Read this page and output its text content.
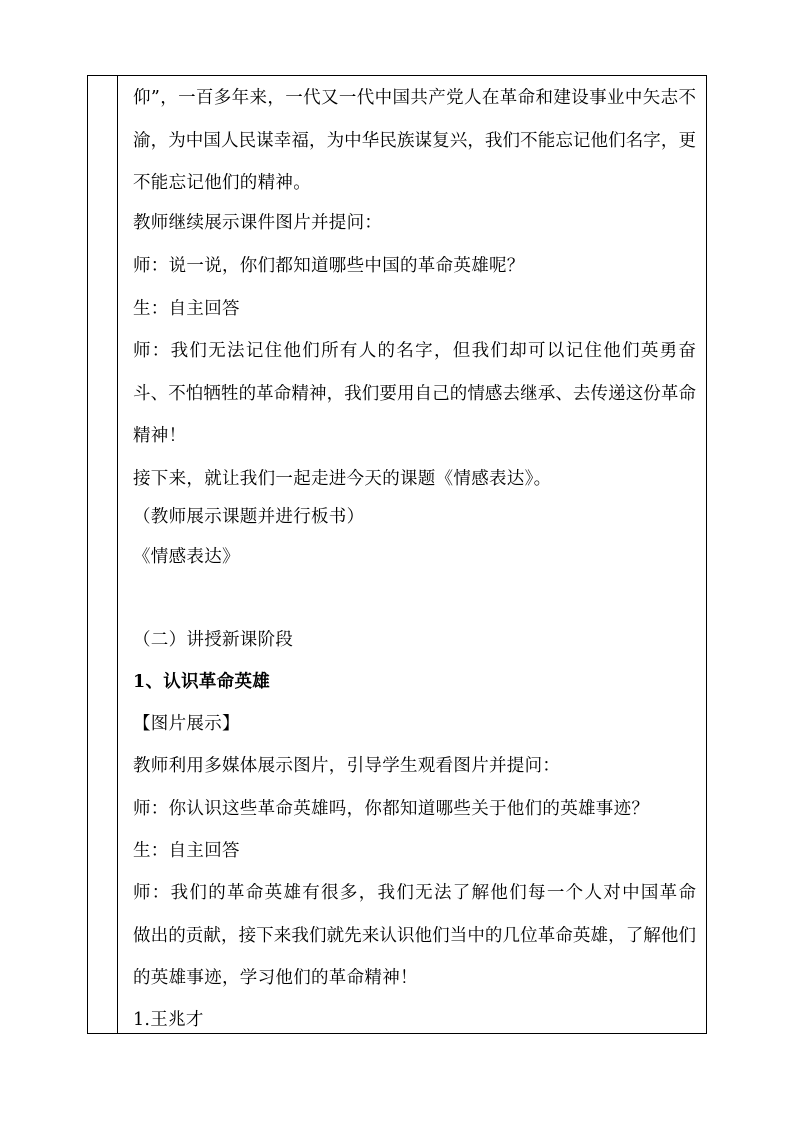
仰”，一百多年来，一代又一代中国共产党人在革命和建设事业中矢志不
渝，为中国人民谋幸福，为中华民族谋复兴，我们不能忘记他们名字，更
不能忘记他们的精神。
教师继续展示课件图片并提问：
师：说一说，你们都知道哪些中国的革命英雄呢？
生：自主回答
师：我们无法记住他们所有人的名字，但我们却可以记住他们英勇奋
斗、不怕牺牲的革命精神，我们要用自己的情感去继承、去传递这份革命
精神！
接下来，就让我们一起走进今天的课题《情感表达》。
（教师展示课题并进行板书）
《情感表达》
（二）讲授新课阶段
1、认识革命英雄
【图片展示】
教师利用多媒体展示图片，引导学生观看图片并提问：
师：你认识这些革命英雄吗，你都知道哪些关于他们的英雄事迹？
生：自主回答
师：我们的革命英雄有很多，我们无法了解他们每一个人对中国革命
做出的贡献，接下来我们就先来认识他们当中的几位革命英雄，了解他们
的英雄事迹，学习他们的革命精神！
1.王兆才
